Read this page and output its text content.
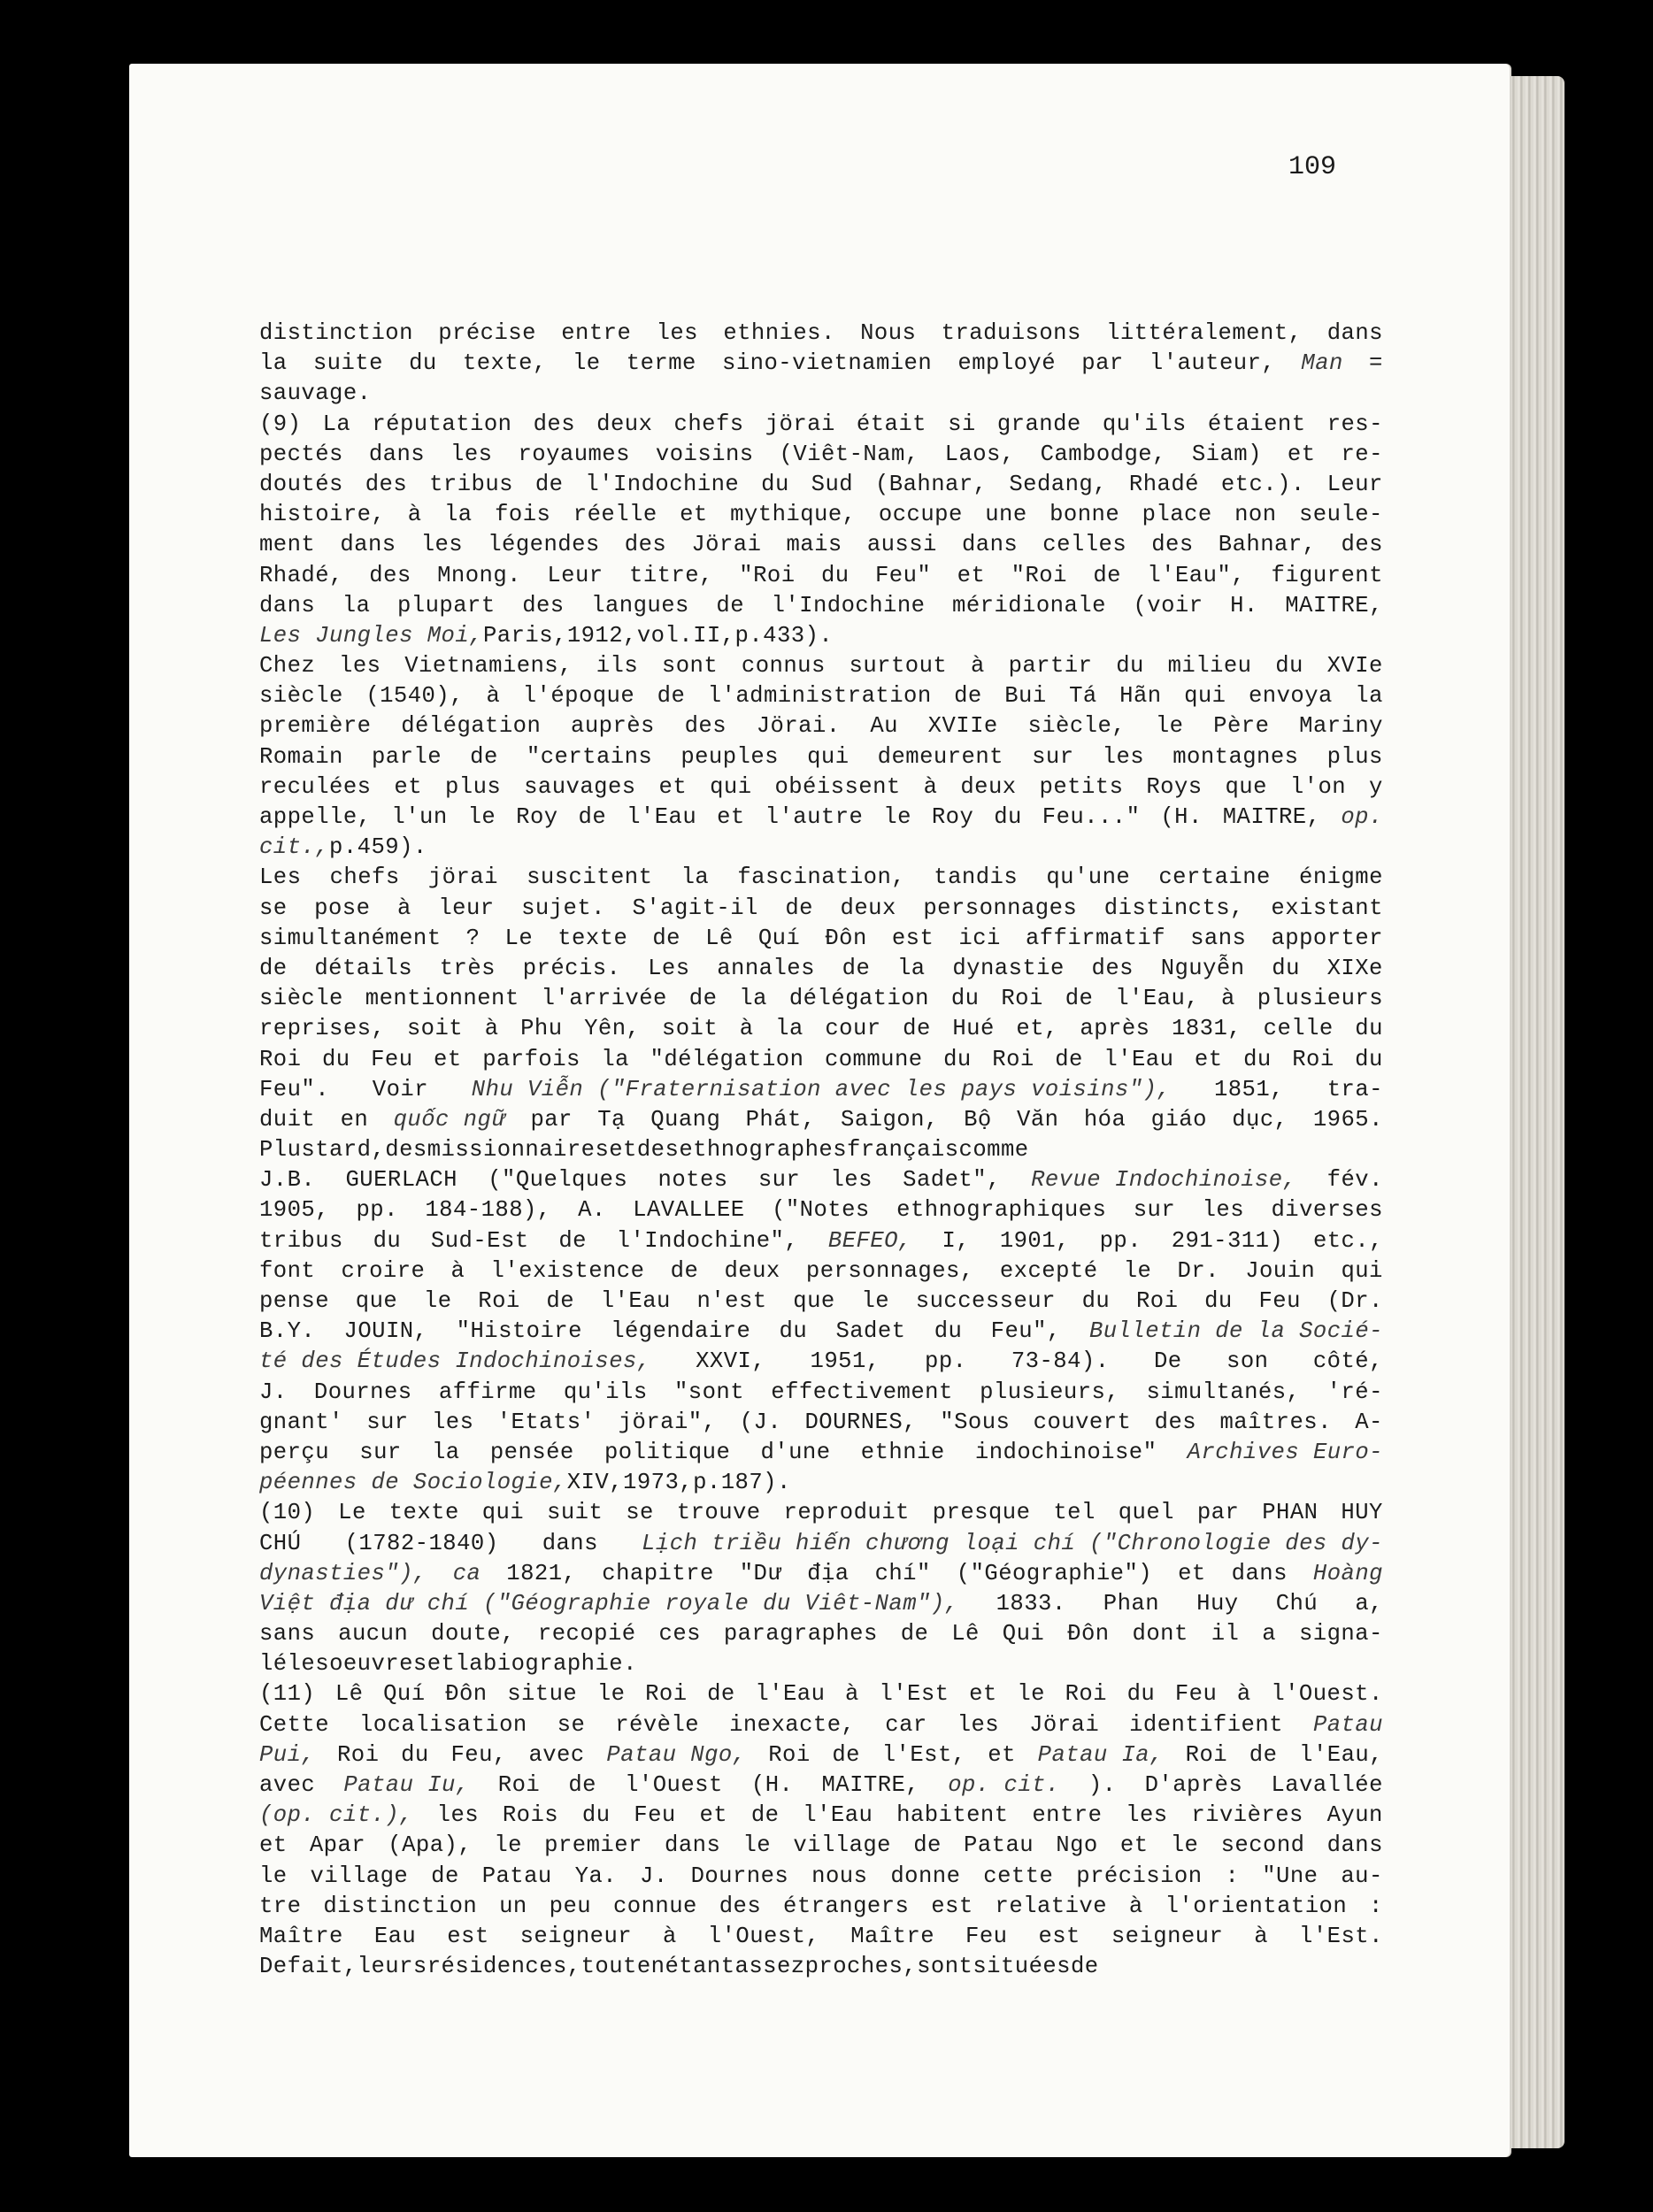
109
distinction précise entre les ethnies. Nous traduisons littéralement, dans
la suite du texte, le terme sino-vietnamien employé par l'auteur, Man =
sauvage.
(9) La réputation des deux chefs jörai était si grande qu'ils étaient res-
pectés dans les royaumes voisins (Viêt-Nam, Laos, Cambodge, Siam) et re-
doutés des tribus de l'Indochine du Sud (Bahnar, Sedang, Rhadé etc.). Leur
histoire, à la fois réelle et mythique, occupe une bonne place non seule-
ment dans les légendes des Jörai mais aussi dans celles des Bahnar, des
Rhadé, des Mnong. Leur titre, "Roi du Feu" et "Roi de l'Eau", figurent
dans la plupart des langues de l'Indochine méridionale (voir H. MAITRE,
Les Jungles Moi, Paris, 1912, vol. II, p. 433 ).
Chez les Vietnamiens, ils sont connus surtout à partir du milieu du XVIe
siècle (1540), à l'époque de l'administration de Bui Tá Hãn qui envoya la
première délégation auprès des Jörai. Au XVIIe siècle, le Père Mariny
Romain parle de "certains peuples qui demeurent sur les montagnes plus
reculées et plus sauvages et qui obéissent à deux petits Roys que l'on y
appelle, l'un le Roy de l'Eau et l'autre le Roy du Feu..." (H. MAITRE, op.
cit., p. 459).
Les chefs jörai suscitent la fascination, tandis qu'une certaine énigme
se pose à leur sujet. S'agit-il de deux personnages distincts, existant
simultanément ? Le texte de Lê Quí Đôn est ici affirmatif sans apporter
de détails très précis. Les annales de la dynastie des Nguyễn du XIXe
siècle mentionnent l'arrivée de la délégation du Roi de l'Eau, à plusieurs
reprises, soit à Phu Yên, soit à la cour de Hué et, après 1831, celle du
Roi du Feu et parfois la "délégation commune du Roi de l'Eau et du Roi du
Feu". Voir Nhu Viễn ("Fraternisation avec les pays voisins"), 1851, tra-
duit en quốc ngữ par Tạ Quang Phát, Saigon, Bộ Văn hóa giáo dục, 1965.
Plus tard, des missionnaires et des ethnographes français comme
J.B. GUERLACH ("Quelques notes sur les Sadet", Revue Indochinoise, fév.
1905, pp. 184-188), A. LAVALLEE ("Notes ethnographiques sur les diverses
tribus du Sud-Est de l'Indochine", BEFEO, I, 1901, pp. 291-311) etc.,
font croire à l'existence de deux personnages, excepté le Dr. Jouin qui
pense que le Roi de l'Eau n'est que le successeur du Roi du Feu (Dr.
B.Y. JOUIN, "Histoire légendaire du Sadet du Feu", Bulletin de la Socié-
té des Études Indochinoises, XXVI, 1951, pp. 73-84). De son côté,
J. Dournes affirme qu'ils "sont effectivement plusieurs, simultanés, 'ré-
gnant' sur les 'Etats' jörai", (J. DOURNES, "Sous couvert des maîtres. A-
perçu sur la pensée politique d'une ethnie indochinoise" Archives Euro-
péennes de Sociologie, XIV, 1973, p. 187).
(10) Le texte qui suit se trouve reproduit presque tel quel par PHAN HUY
CHÚ (1782-1840) dans Lịch triều hiến chương loại chí ("Chronologie des dy-
dynasties"), ca 1821, chapitre "Dư địa chí" ("Géographie") et dans Hoàng
Việt địa dư chí ("Géographie royale du Viêt-Nam"), 1833. Phan Huy Chú a,
sans aucun doute, recopié ces paragraphes de Lê Qui Đôn dont il a signa-
lé les oeuvres et la biographie.
(11) Lê Quí Đôn situe le Roi de l'Eau à l'Est et le Roi du Feu à l'Ouest.
Cette localisation se révèle inexacte, car les Jörai identifient Patau
Pui, Roi du Feu, avec Patau Ngo, Roi de l'Est, et Patau Ia, Roi de l'Eau,
avec Patau Iu, Roi de l'Ouest (H. MAITRE, op. cit. ). D'après Lavallée
(op. cit.), les Rois du Feu et de l'Eau habitent entre les rivières Ayun
et Apar (Apa), le premier dans le village de Patau Ngo et le second dans
le village de Patau Ya. J. Dournes nous donne cette précision : "Une au-
tre distinction un peu connue des étrangers est relative à l'orientation :
Maître Eau est seigneur à l'Ouest, Maître Feu est seigneur à l'Est.
De fait, leurs résidences, tout en étant assez proches, sont situées de
